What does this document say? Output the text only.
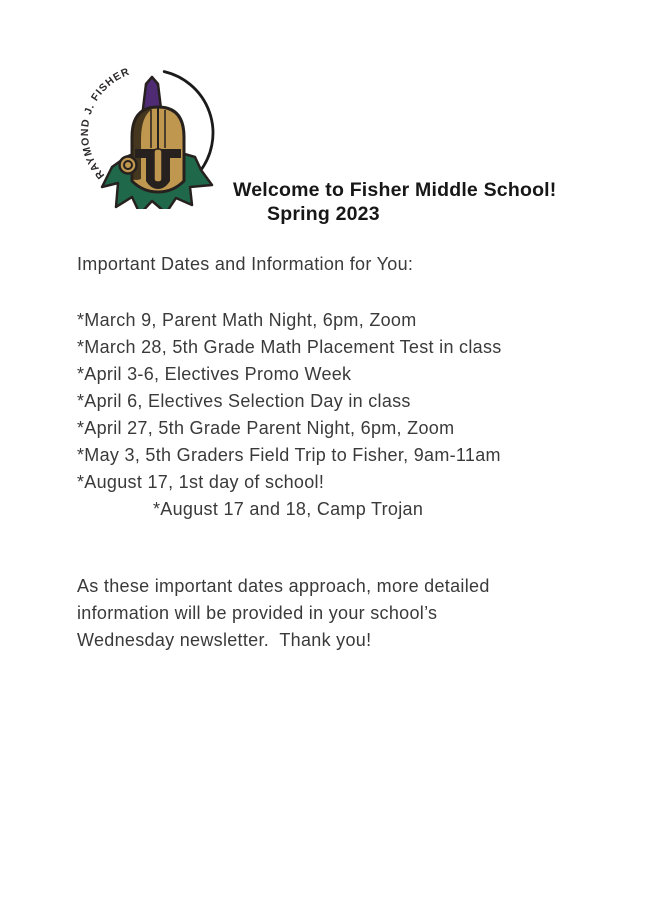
RAYMOND J. FISHER
Welcome to Fisher Middle School!
Spring 2023
Important Dates and Information for You:
*March 9, Parent Math Night, 6pm, Zoom
*March 28, 5th Grade Math Placement Test in class
*April 3-6, Electives Promo Week
*April 6, Electives Selection Day in class
*April 27, 5th Grade Parent Night, 6pm, Zoom
*May 3, 5th Graders Field Trip to Fisher, 9am-11am
*August 17, 1st day of school!
*August 17 and 18, Camp Trojan
As these important dates approach, more detailed
information will be provided in your school’s
Wednesday newsletter.  Thank you!
